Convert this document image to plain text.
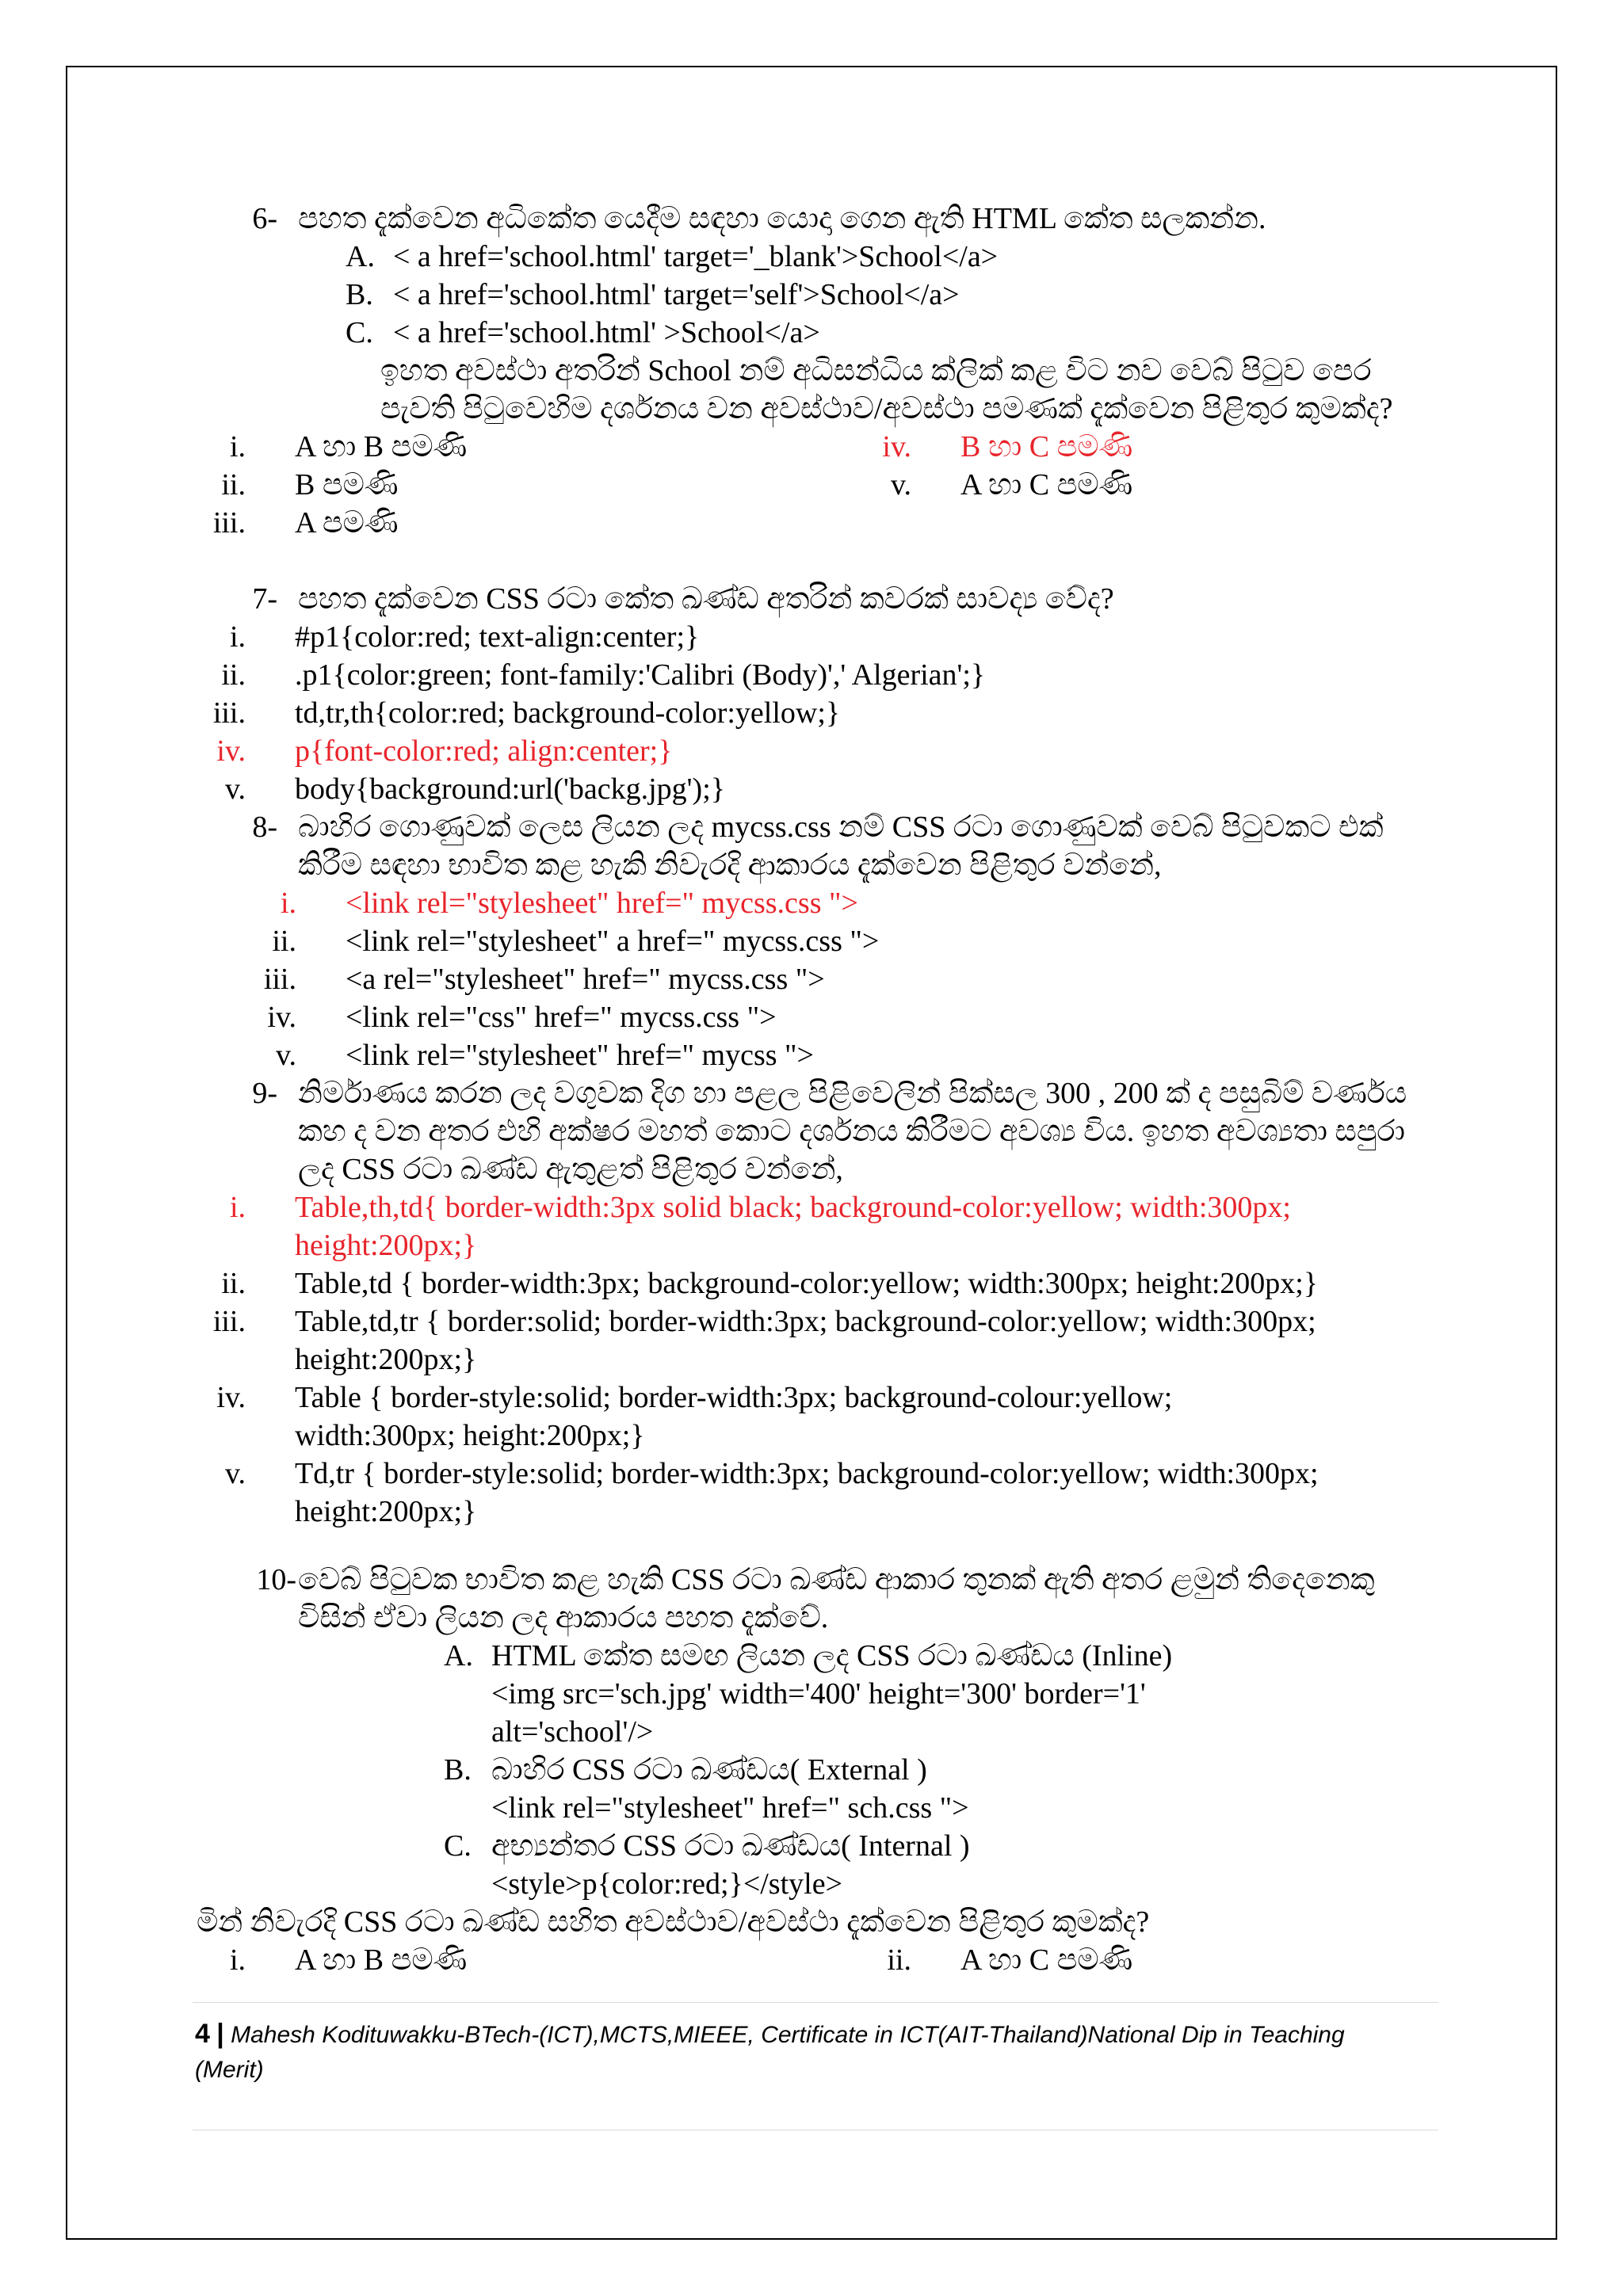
6- පහත දැක්වෙන අධිකේත යෙදීම සඳහා යොදා ගෙන ඇති HTML කේත සලකන්න.
A. < a href='school.html' target='_blank'>School</a>
B. < a href='school.html' target='self'>School</a>
C. < a href='school.html' >School</a>
ඉහත අවස්ථා අතරින් School නම් අධිසන්ධිය ක්ලික් කළ විට නව වෙබ් පිටුව පෙර
පැවති පිටුවෙහිම දර්ශනය වන අවස්ථාව/අවස්ථා පමණක් දැක්වෙන පිළිතුර කුමක්ද?
i. A හා B පමණි
ii. B පමණි
iii. A පමණි
iv. B හා C පමණි
v. A හා C පමණි
7- පහත දැක්වෙන CSS රටා කේත ඛණ්ඩ අතරින් කවරක් සාවද්‍ය වේද?
i. #p1{color:red; text-align:center;}
ii. .p1{color:green; font-family:'Calibri (Body)',' Algerian';}
iii. td,tr,th{color:red; background-color:yellow;}
iv. p{font-color:red; align:center;}
v. body{background:url('backg.jpg');}
8- බාහිර ගොණුවක් ලෙස ලියන ලද mycss.css නම් CSS රටා ගොණුවක් වෙබ් පිටුවකට එක්
කිරීම සඳහා භාවිත කළ හැකි නිවැරදි ආකාරය දැක්වෙන පිළිතුර වන්නේ,
i. <link rel="stylesheet" href=" mycss.css ">
ii. <link rel="stylesheet" a href=" mycss.css ">
iii. <a rel="stylesheet" href=" mycss.css ">
iv. <link rel="css" href=" mycss.css ">
v. <link rel="stylesheet" href=" mycss ">
9- නිර්මාණය කරන ලද වගුවක දිග හා පළල පිළිවෙලින් පික්සල 300 , 200 ක් ද පසුබිම් වර්ණය
කහ ද වන අතර එහි අක්ෂර මහත් කොට දර්ශනය කිරීමට අවශ්‍ය විය. ඉහත අවශ්‍යතා සපුරා
ලද CSS රටා ඛණ්ඩ ඇතුළත් පිළිතුර වන්නේ,
i. Table,th,td{ border-width:3px solid black; background-color:yellow; width:300px;
height:200px;}
ii. Table,td { border-width:3px; background-color:yellow; width:300px; height:200px;}
iii. Table,td,tr { border:solid; border-width:3px; background-color:yellow; width:300px;
height:200px;}
iv. Table { border-style:solid; border-width:3px; background-colour:yellow;
width:300px; height:200px;}
v. Td,tr { border-style:solid; border-width:3px; background-color:yellow; width:300px;
height:200px;}
10- වෙබ් පිටුවක භාවිත කළ හැකි CSS රටා ඛණ්ඩ ආකාර තුනක් ඇති අතර ළමුන් තිදෙනෙකු
විසින් ඒවා ලියන ලද ආකාරය පහත දැක්වේ.
A. HTML කේත සමඟ ලියන ලද CSS රටා ඛණ්ඩය (Inline)
<img src='sch.jpg' width='400' height='300' border='1'
alt='school'/>
B. බාහිර CSS රටා ඛණ්ඩය( External )
<link rel="stylesheet" href=" sch.css ">
C. අභ්‍යන්තර CSS රටා ඛණ්ඩය( Internal )
<style>p{color:red;}</style>
මින් නිවැරදි CSS රටා ඛණ්ඩ සහිත අවස්ථාව/අවස්ථා දැක්වෙන පිළිතුර කුමක්ද?
i. A හා B පමණි	ii. A හා C පමණි
4 | Mahesh Kodituwakku-BTech-(ICT),MCTS,MIEEE, Certificate in ICT(AIT-Thailand)National Dip in Teaching
(Merit)
